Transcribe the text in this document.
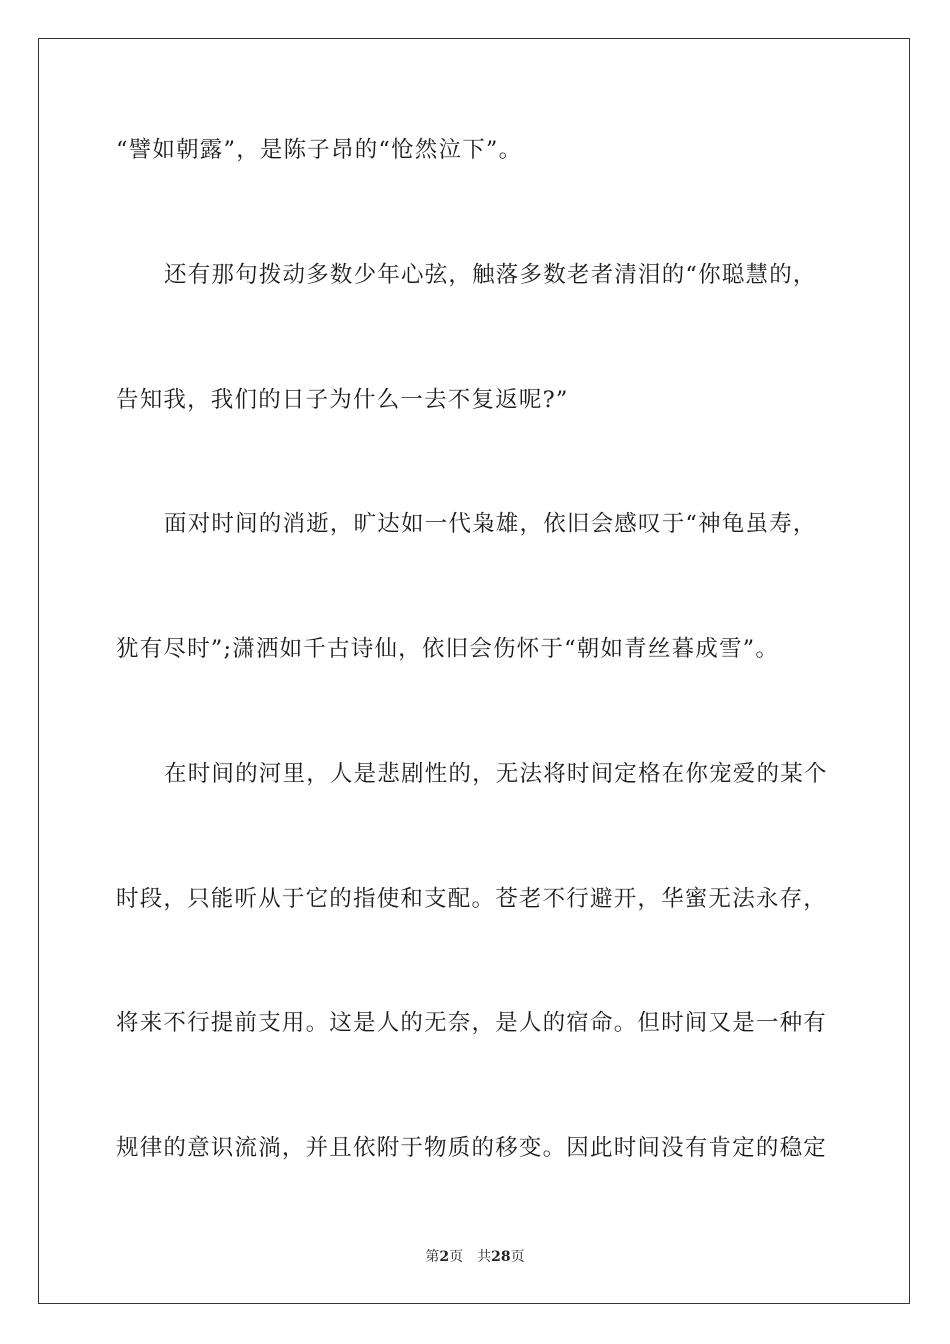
“譬如朝露”，是陈子昂的“怆然泣下”。
还有那句拨动多数少年心弦，触落多数老者清泪的“你聪慧的，
告知我，我们的日子为什么一去不复返呢?”
面对时间的消逝，旷达如一代枭雄，依旧会感叹于“神龟虽寿，
犹有尽时”;潇洒如千古诗仙，依旧会伤怀于“朝如青丝暮成雪”。
在时间的河里，人是悲剧性的，无法将时间定格在你宠爱的某个
时段，只能听从于它的指使和支配。苍老不行避开，华蜜无法永存，
将来不行提前支用。这是人的无奈，是人的宿命。但时间又是一种有
规律的意识流淌，并且依附于物质的移变。因此时间没有肯定的稳定
第2页 共28页
